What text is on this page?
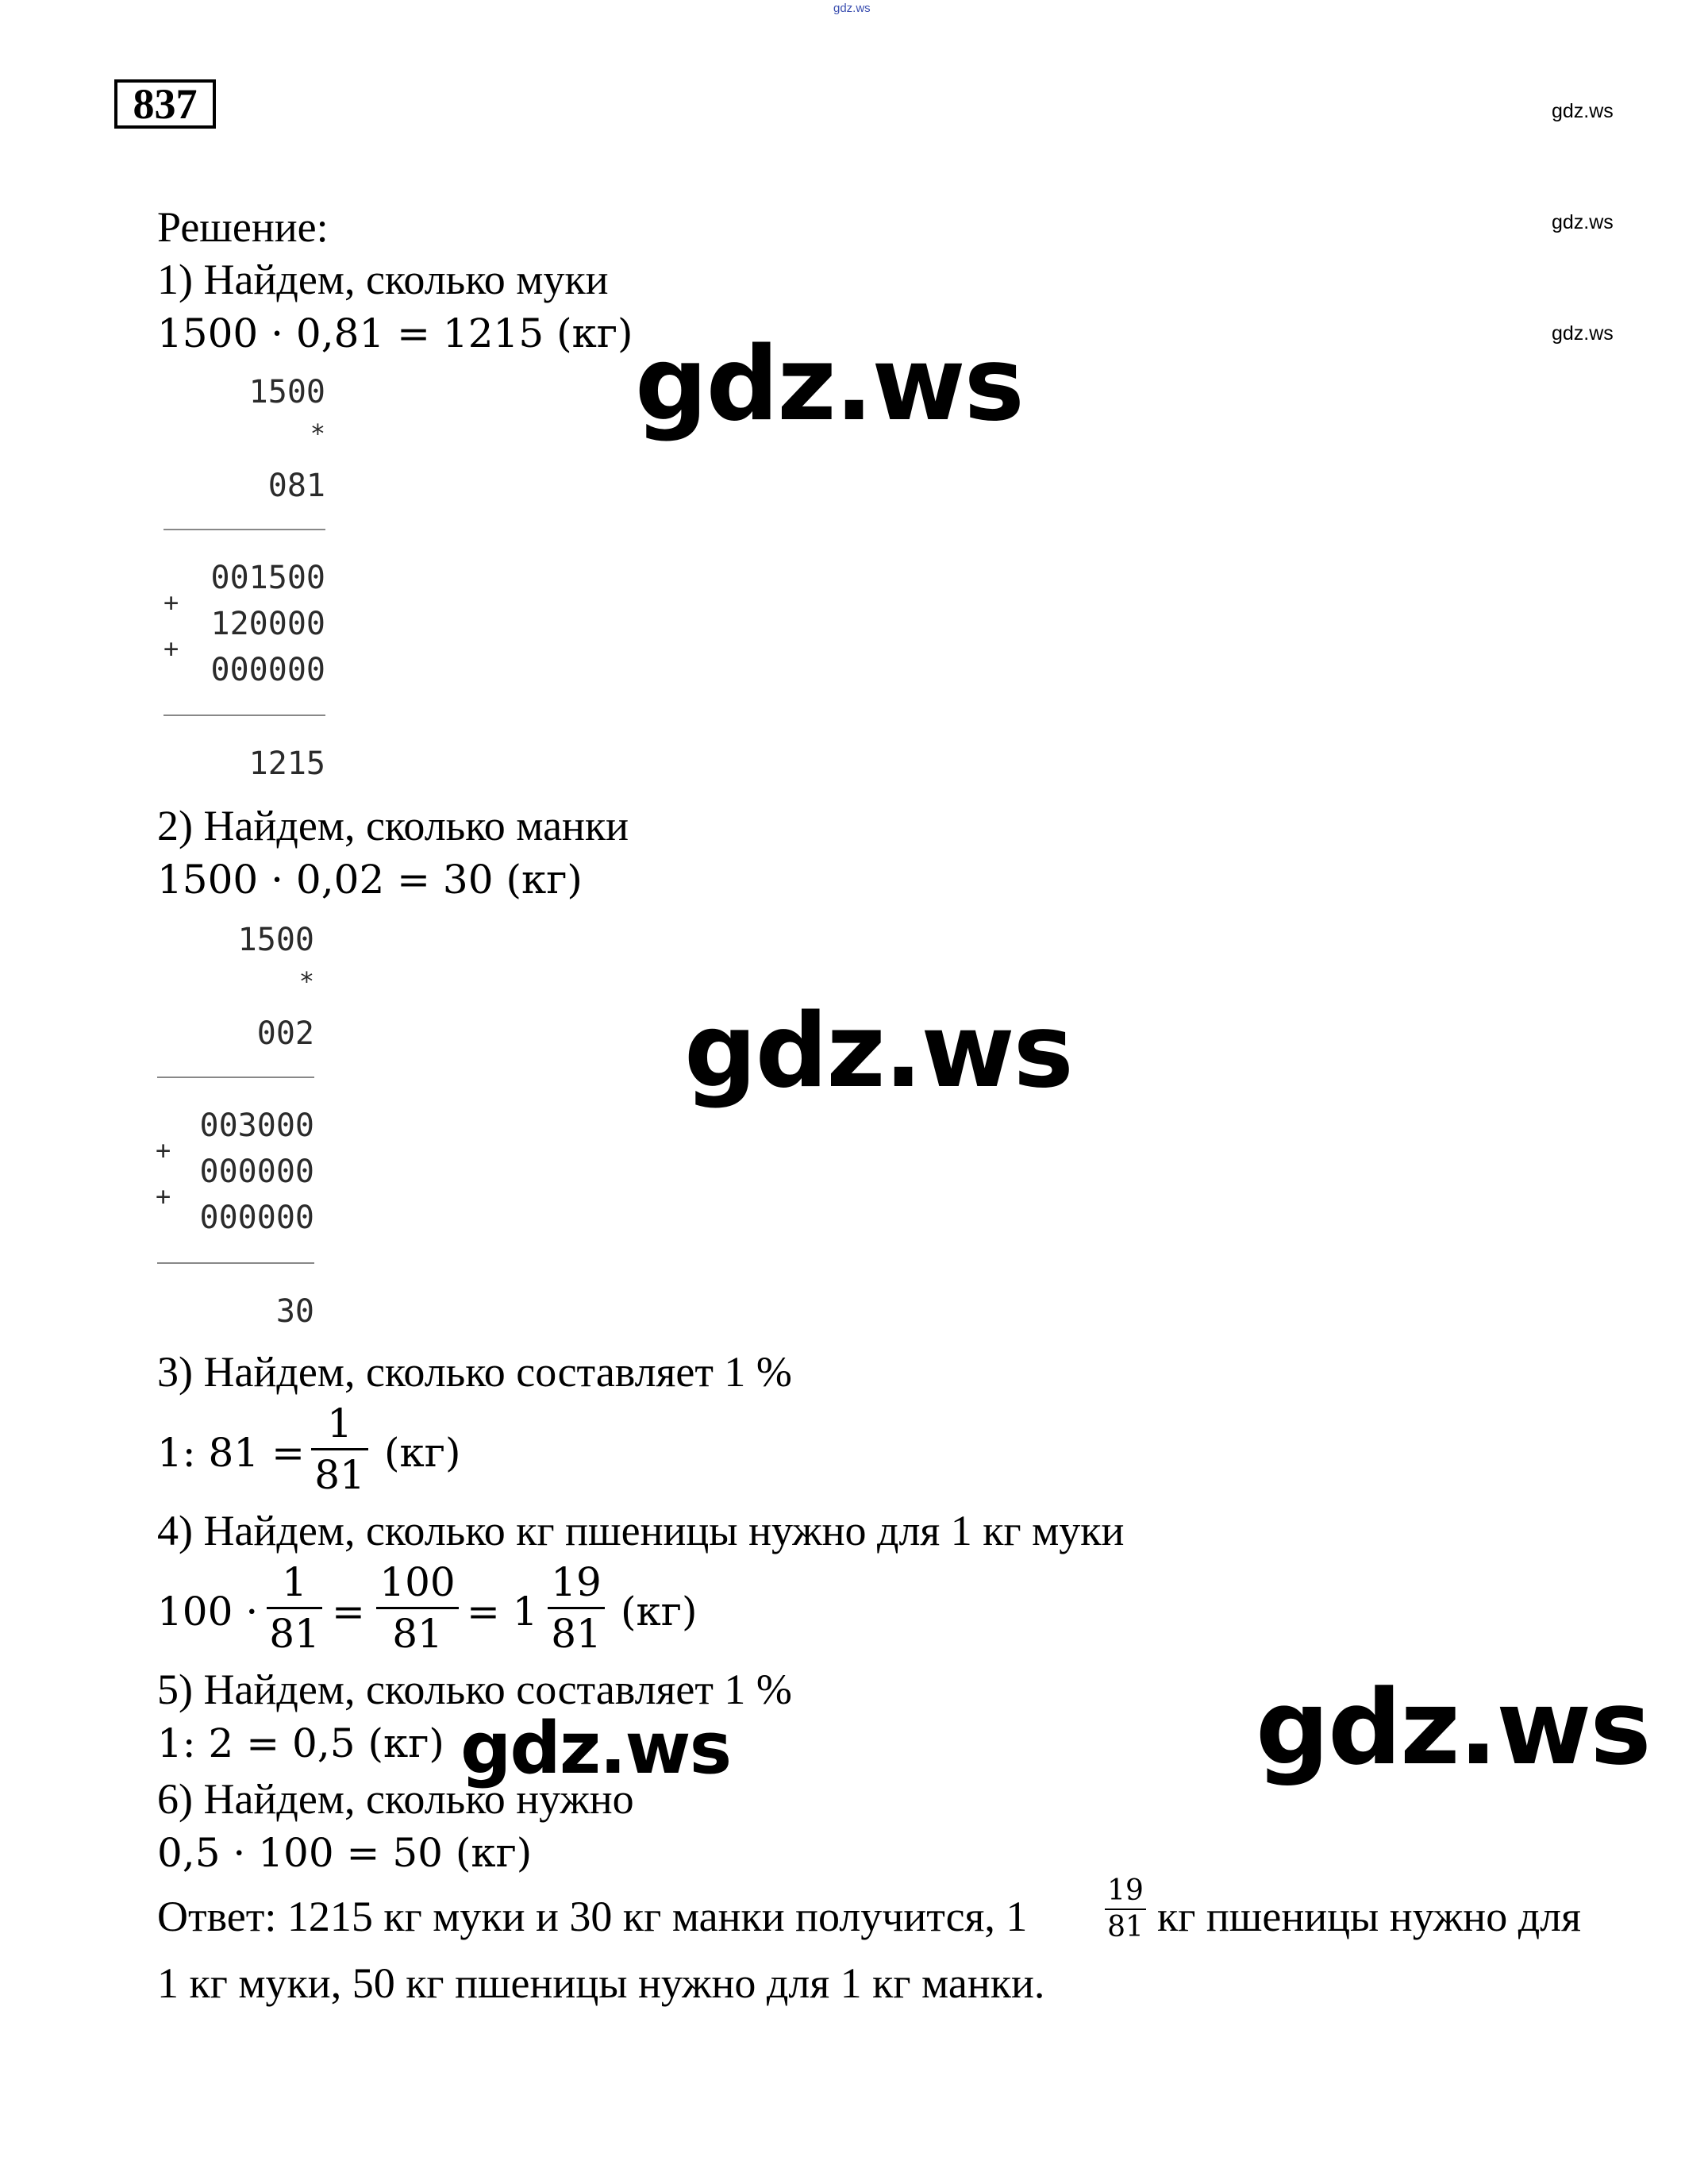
gdz.ws
837	gdz.ws
gdz.ws
gdz.ws
gdz.ws
gdz.ws
gdz.ws
gdz.ws
Решение:
1) Найдем, сколько муки
1500 · 0,81 = 1215 (кг)
1500
*
081
001500
+
120000
+
000000
1215
2) Найдем, сколько манки
1500 · 0,02 = 30 (кг)
1500
*
002
003000
+
000000
+
000000
30
3) Найдем, сколько составляет 1 %
1: 81 =
1
81 (кг)
4) Найдем, сколько кг пшеницы нужно для 1 кг муки
100 ·
1
81 =
100
81 = 1
19
81 (кг)
5) Найдем, сколько составляет 1 %
1: 2 = 0,5 (кг)
6) Найдем, сколько нужно
0,5 · 100 = 50 (кг)
Ответ: 1215 кг муки и 30 кг манки получится, 1
19
81 кг пшеницы нужно для
1 кг муки, 50 кг пшеницы нужно для 1 кг манки.
